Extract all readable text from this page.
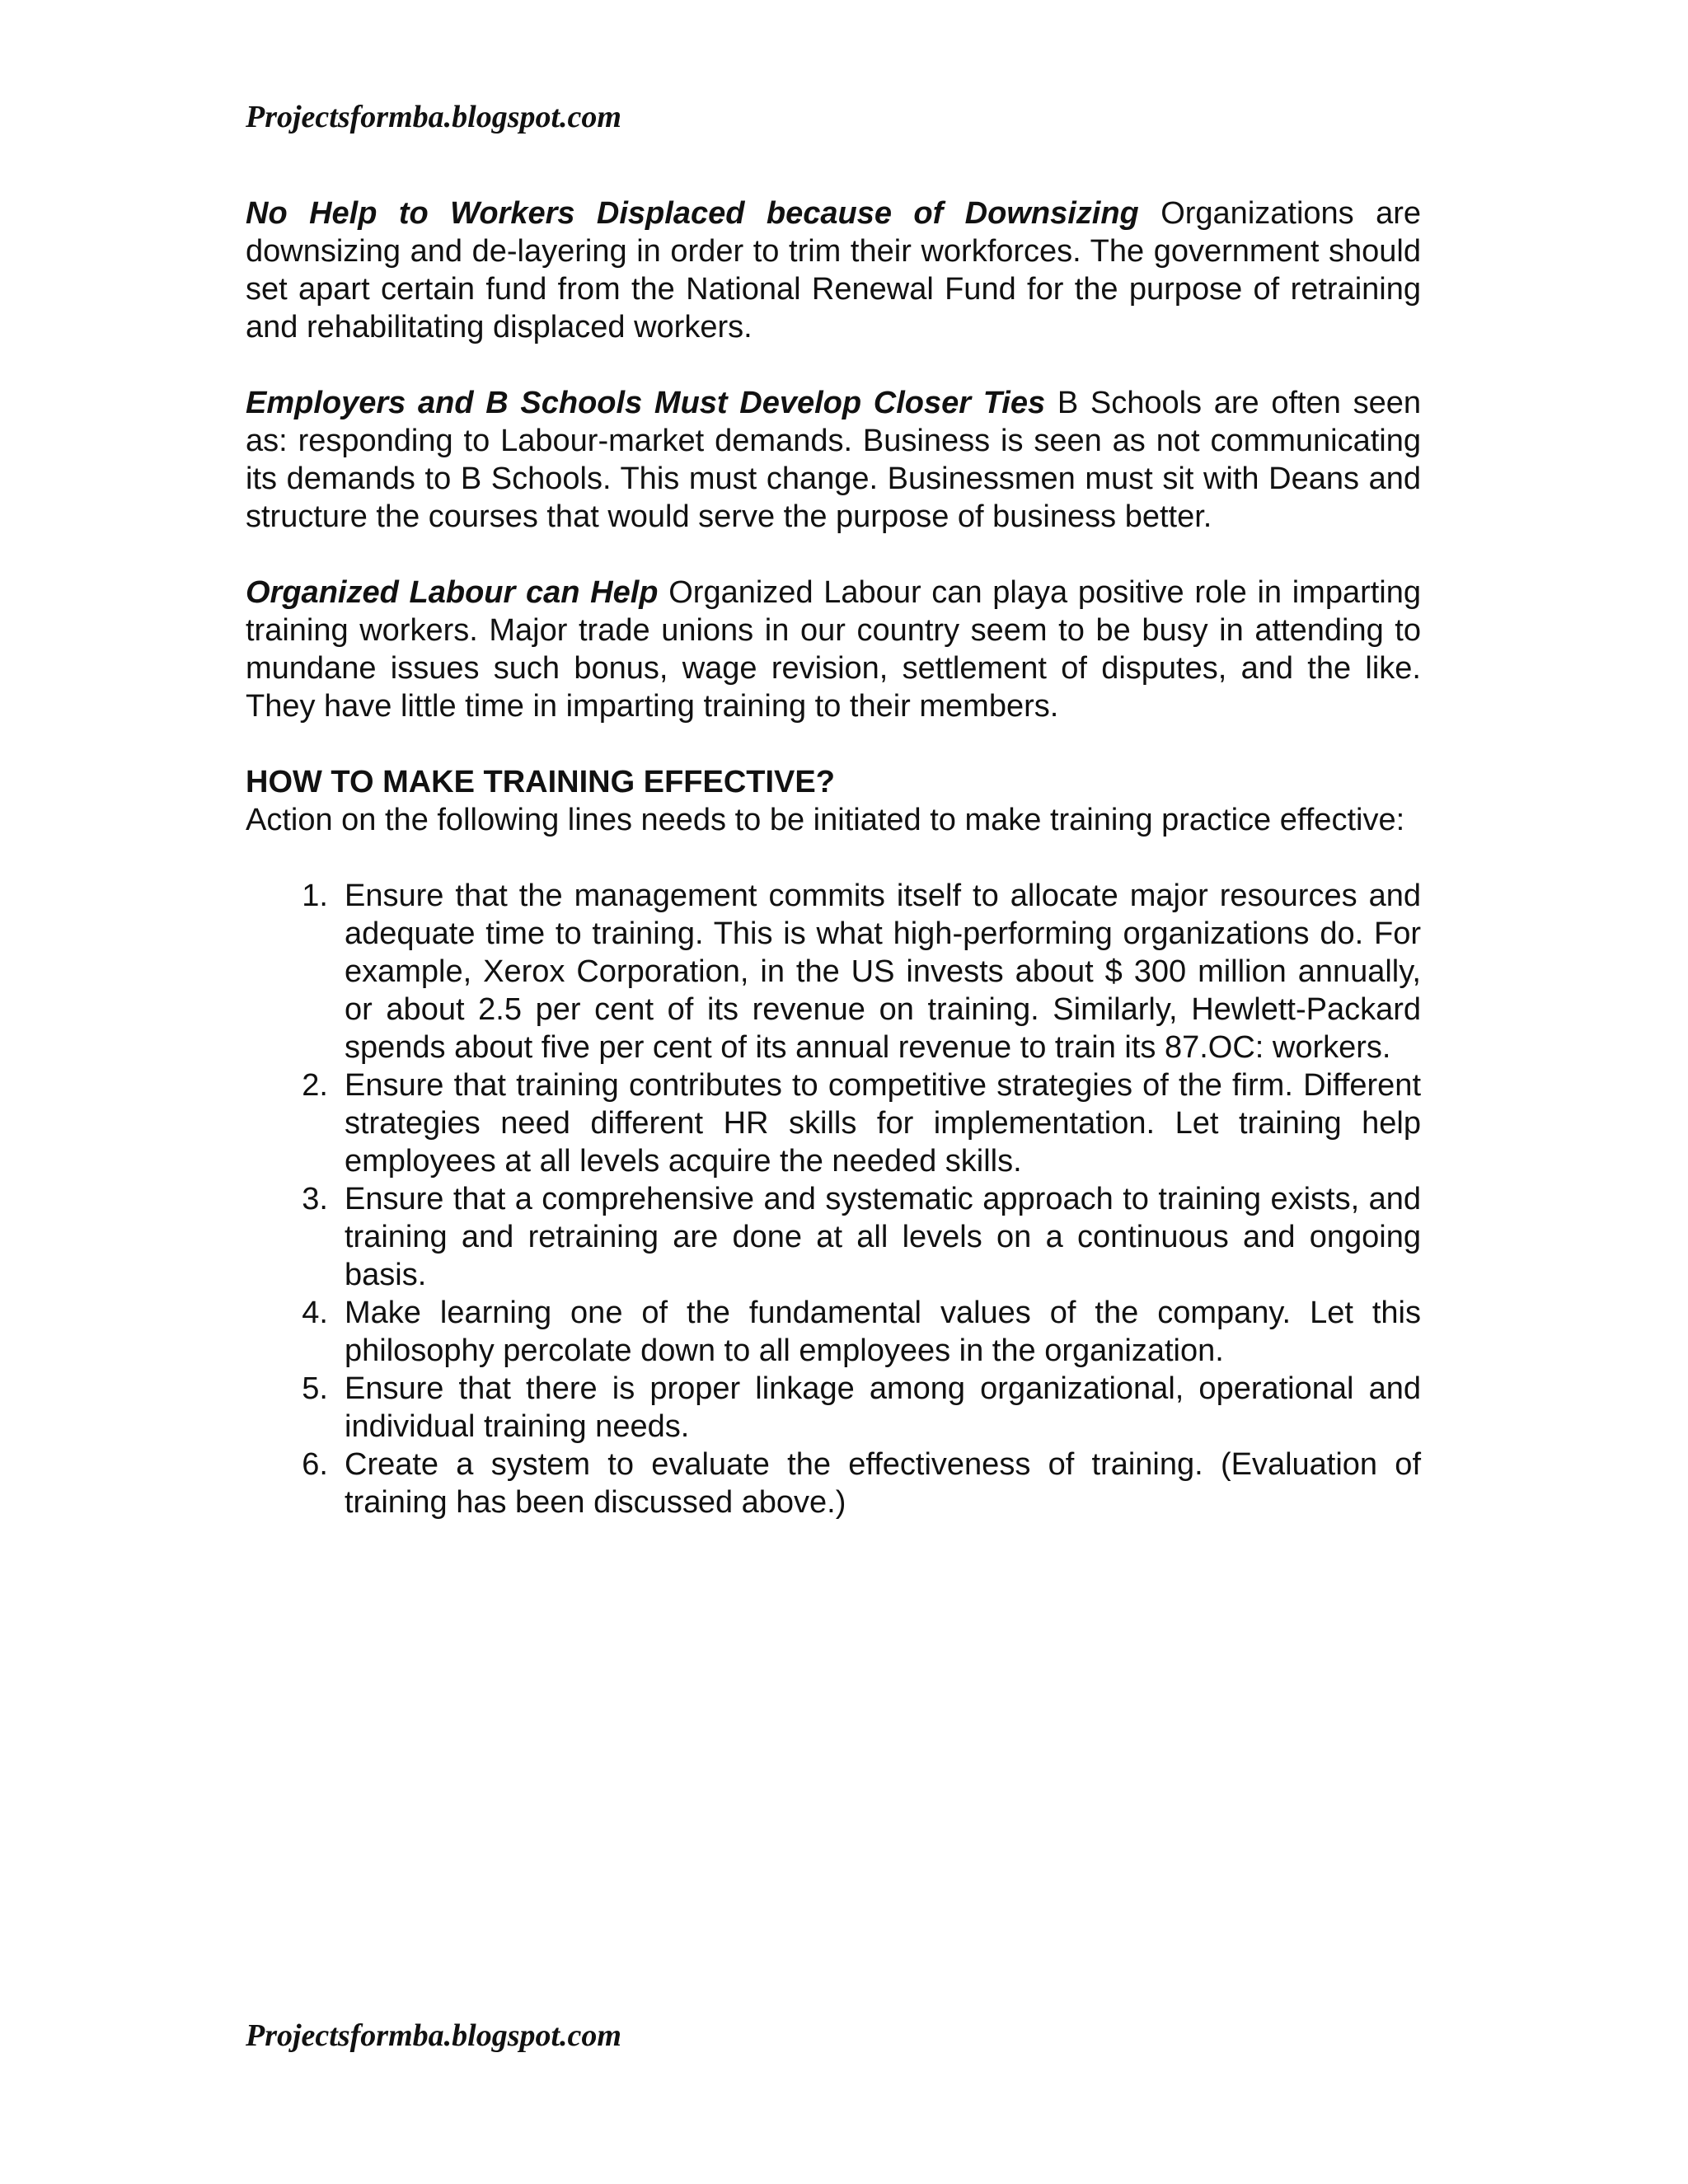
Projectsformba.blogspot.com

No Help to Workers Displaced because of Downsizing Organizations are downsizing and de-layering in order to trim their workforces. The government should set apart certain fund from the National Renewal Fund for the purpose of retraining and rehabilitating displaced workers.

Employers and B Schools Must Develop Closer Ties B Schools are often seen as: responding to Labour-market demands. Business is seen as not communicating its demands to B Schools. This must change. Businessmen must sit with Deans and structure the courses that would serve the purpose of business better.

Organized Labour can Help Organized Labour can playa positive role in imparting training workers. Major trade unions in our country seem to be busy in attending to mundane issues such bonus, wage revision, settlement of disputes, and the like. They have little time in imparting training to their members.

HOW TO MAKE TRAINING EFFECTIVE?

Action on the following lines needs to be initiated to make training practice effective:

1. Ensure that the management commits itself to allocate major resources and adequate time to training. This is what high-performing organizations do. For example, Xerox Corporation, in the US invests about $ 300 million annually, or about 2.5 per cent of its revenue on training. Similarly, Hewlett-Packard spends about five per cent of its annual revenue to train its 87.OC: workers.
2. Ensure that training contributes to competitive strategies of the firm. Different strategies need different HR skills for implementation. Let training help employees at all levels acquire the needed skills.
3. Ensure that a comprehensive and systematic approach to training exists, and training and retraining are done at all levels on a continuous and ongoing basis.
4. Make learning one of the fundamental values of the company. Let this philosophy percolate down to all employees in the organization.
5. Ensure that there is proper linkage among organizational, operational and individual training needs.
6. Create a system to evaluate the effectiveness of training. (Evaluation of training has been discussed above.)
Projectsformba.blogspot.com
